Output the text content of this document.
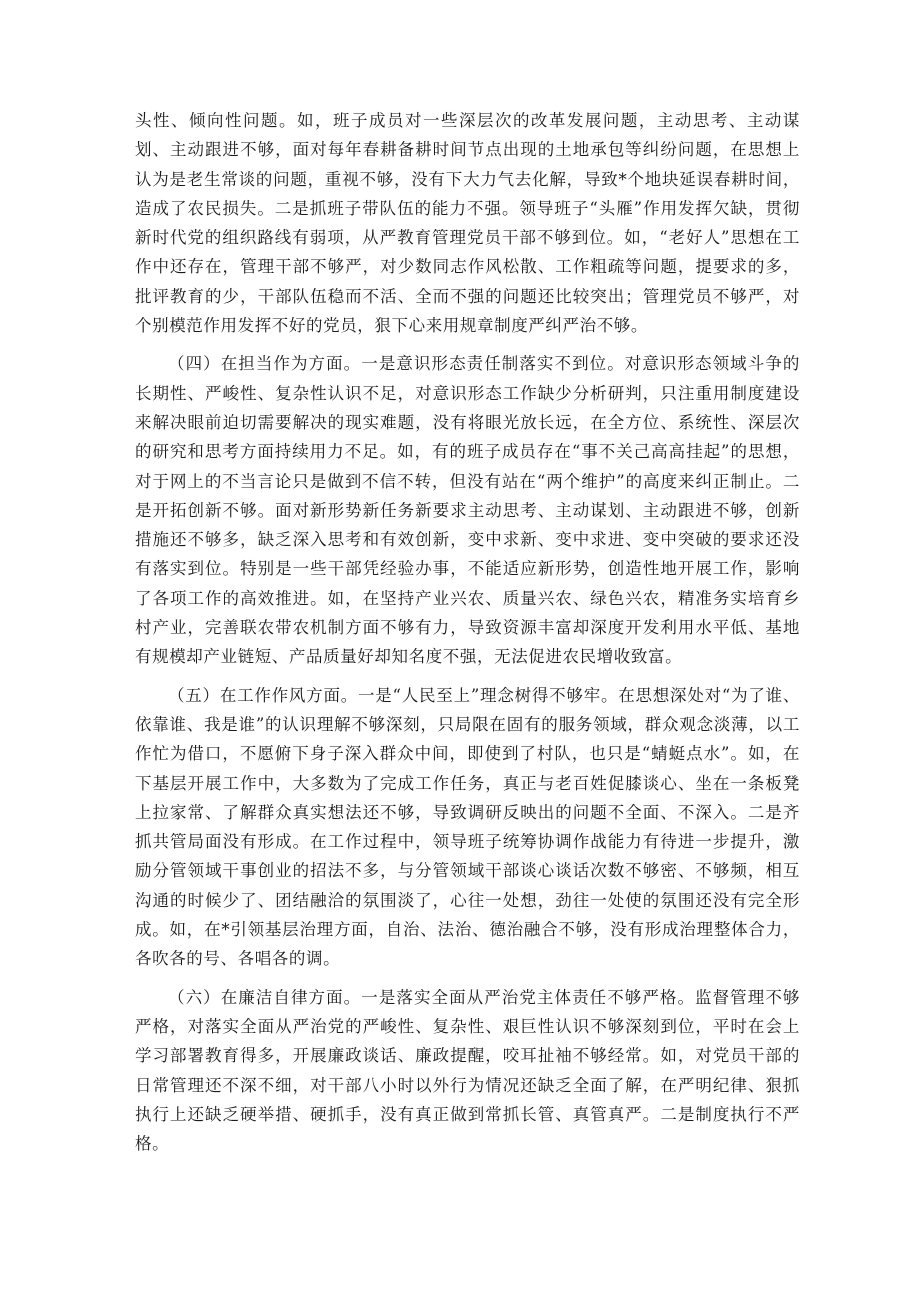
头性、倾向性问题。如，班子成员对一些深层次的改革发展问题，主动思考、主动谋划、主动跟进不够，面对每年春耕备耕时间节点出现的土地承包等纠纷问题，在思想上认为是老生常谈的问题，重视不够，没有下大力气去化解，导致*个地块延误春耕时间，造成了农民损失。二是抓班子带队伍的能力不强。领导班子“头雁”作用发挥欠缺，贯彻新时代党的组织路线有弱项，从严教育管理党员干部不够到位。如，“老好人”思想在工作中还存在，管理干部不够严，对少数同志作风松散、工作粗疏等问题，提要求的多，批评教育的少，干部队伍稳而不活、全而不强的问题还比较突出；管理党员不够严，对个别模范作用发挥不好的党员，狠下心来用规章制度严纠严治不够。

（四）在担当作为方面。一是意识形态责任制落实不到位。对意识形态领域斗争的长期性、严峻性、复杂性认识不足，对意识形态工作缺少分析研判，只注重用制度建设来解决眼前迫切需要解决的现实难题，没有将眼光放长远，在全方位、系统性、深层次的研究和思考方面持续用力不足。如，有的班子成员存在“事不关己高高挂起”的思想，对于网上的不当言论只是做到不信不转，但没有站在“两个维护”的高度来纠正制止。二是开拓创新不够。面对新形势新任务新要求主动思考、主动谋划、主动跟进不够，创新措施还不够多，缺乏深入思考和有效创新，变中求新、变中求进、变中突破的要求还没有落实到位。特别是一些干部凭经验办事，不能适应新形势，创造性地开展工作，影响了各项工作的高效推进。如，在坚持产业兴农、质量兴农、绿色兴农，精准务实培育乡村产业，完善联农带农机制方面不够有力，导致资源丰富却深度开发利用水平低、基地有规模却产业链短、产品质量好却知名度不强，无法促进农民增收致富。

（五）在工作作风方面。一是“人民至上”理念树得不够牢。在思想深处对“为了谁、依靠谁、我是谁”的认识理解不够深刻，只局限在固有的服务领域，群众观念淡薄，以工作忙为借口，不愿俯下身子深入群众中间，即使到了村队，也只是“蜻蜓点水”。如，在下基层开展工作中，大多数为了完成工作任务，真正与老百姓促膝谈心、坐在一条板凳上拉家常、了解群众真实想法还不够，导致调研反映出的问题不全面、不深入。二是齐抓共管局面没有形成。在工作过程中，领导班子统筹协调作战能力有待进一步提升，激励分管领域干事创业的招法不多，与分管领域干部谈心谈话次数不够密、不够频，相互沟通的时候少了、团结融洽的氛围淡了，心往一处想，劲往一处使的氛围还没有完全形成。如，在*引领基层治理方面，自治、法治、德治融合不够，没有形成治理整体合力，各吹各的号、各唱各的调。

（六）在廉洁自律方面。一是落实全面从严治党主体责任不够严格。监督管理不够严格，对落实全面从严治党的严峻性、复杂性、艰巨性认识不够深刻到位，平时在会上学习部署教育得多，开展廉政谈话、廉政提醒，咬耳扯袖不够经常。如，对党员干部的日常管理还不深不细，对干部八小时以外行为情况还缺乏全面了解，在严明纪律、狠抓执行上还缺乏硬举措、硬抓手，没有真正做到常抓长管、真管真严。二是制度执行不严格。
